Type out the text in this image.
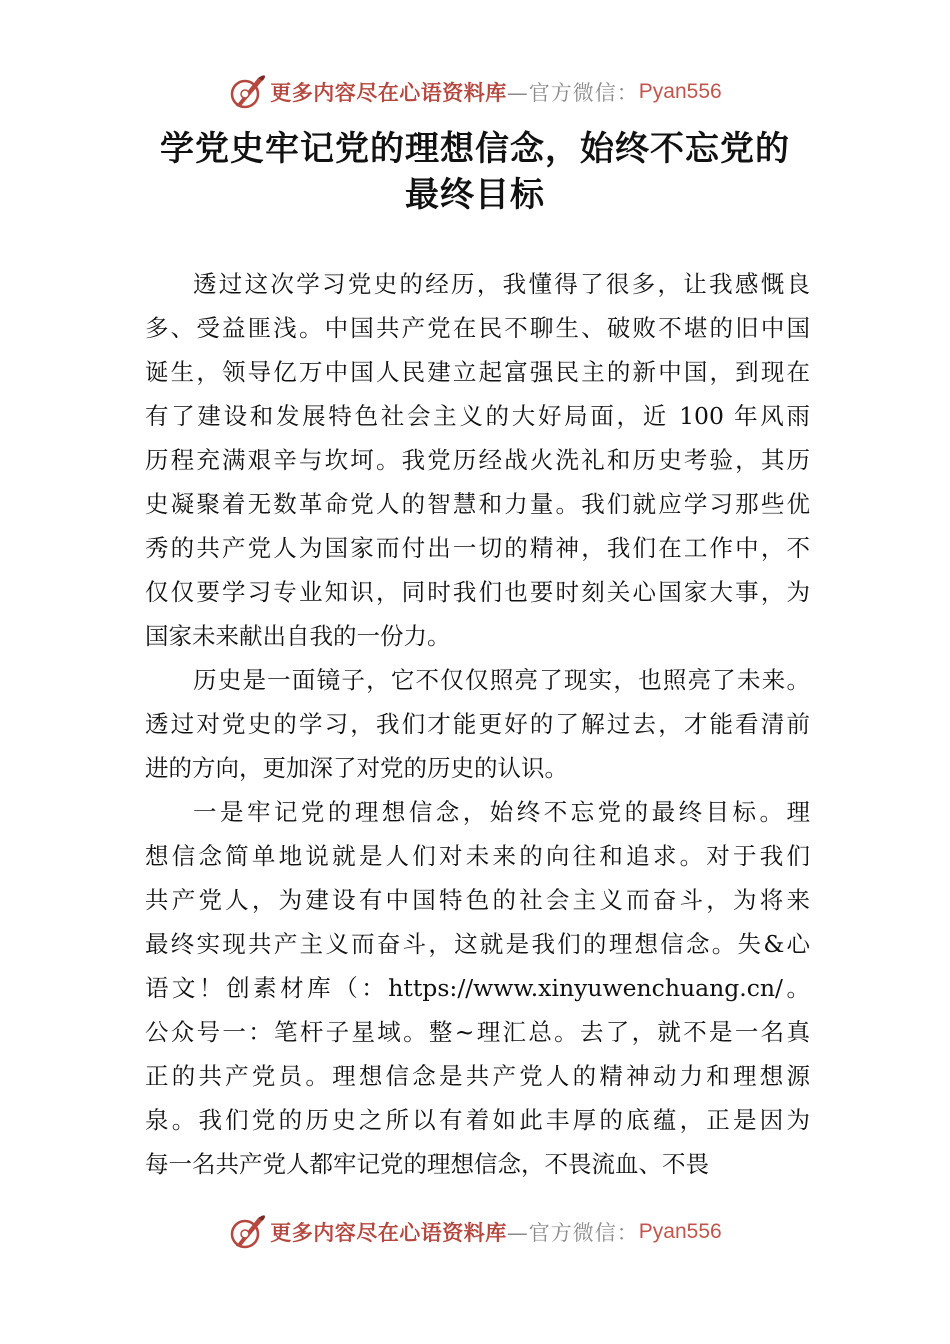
更多内容尽在心语资料库 —官方微信： Pyan556
学党史牢记党的理想信念，始终不忘党的
最终目标
透过这次学习党史的经历，我懂得了很多，让我感慨良
多、受益匪浅。中国共产党在民不聊生、破败不堪的旧中国
诞生，领导亿万中国人民建立起富强民主的新中国，到现在
有了建设和发展特色社会主义的大好局面，近 100 年风雨
历程充满艰辛与坎坷。我党历经战火洗礼和历史考验，其历
史凝聚着无数革命党人的智慧和力量。我们就应学习那些优
秀的共产党人为国家而付出一切的精神，我们在工作中，不
仅仅要学习专业知识，同时我们也要时刻关心国家大事，为
国家未来献出自我的一份力。
历史是一面镜子，它不仅仅照亮了现实，也照亮了未来。
透过对党史的学习，我们才能更好的了解过去，才能看清前
进的方向，更加深了对党的历史的认识。
一是牢记党的理想信念，始终不忘党的最终目标。理
想信念简单地说就是人们对未来的向往和追求。对于我们
共产党人，为建设有中国特色的社会主义而奋斗，为将来
最终实现共产主义而奋斗，这就是我们的理想信念。失&心
语文！创素材库（：https://www.xinyuwenchuang.cn/。
公众号一：笔杆子星域。整~理汇总。去了，就不是一名真
正的共产党员。理想信念是共产党人的精神动力和理想源
泉。我们党的历史之所以有着如此丰厚的底蕴，正是因为
每一名共产党人都牢记党的理想信念，不畏流血、不畏
更多内容尽在心语资料库 —官方微信： Pyan556
